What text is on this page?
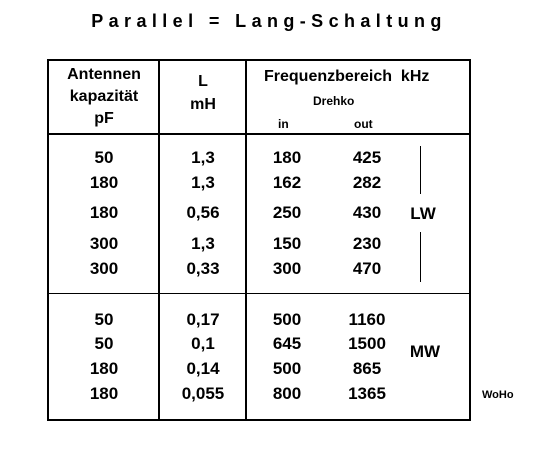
Parallel = Lang-Schaltung
Antennen
kapazität
pF
L
mH
Frequenzbereich  kHz
Drehko
in	out
50	1,3	180	425
180	1,3	162	282
180	0,56	250	430
300	1,3	150	230
300	0,33	300	470
LW
50	0,17	500	1160
50	0,1	645	1500
180	0,14	500	865
180	0,055	800	1365
MW
WoHo
